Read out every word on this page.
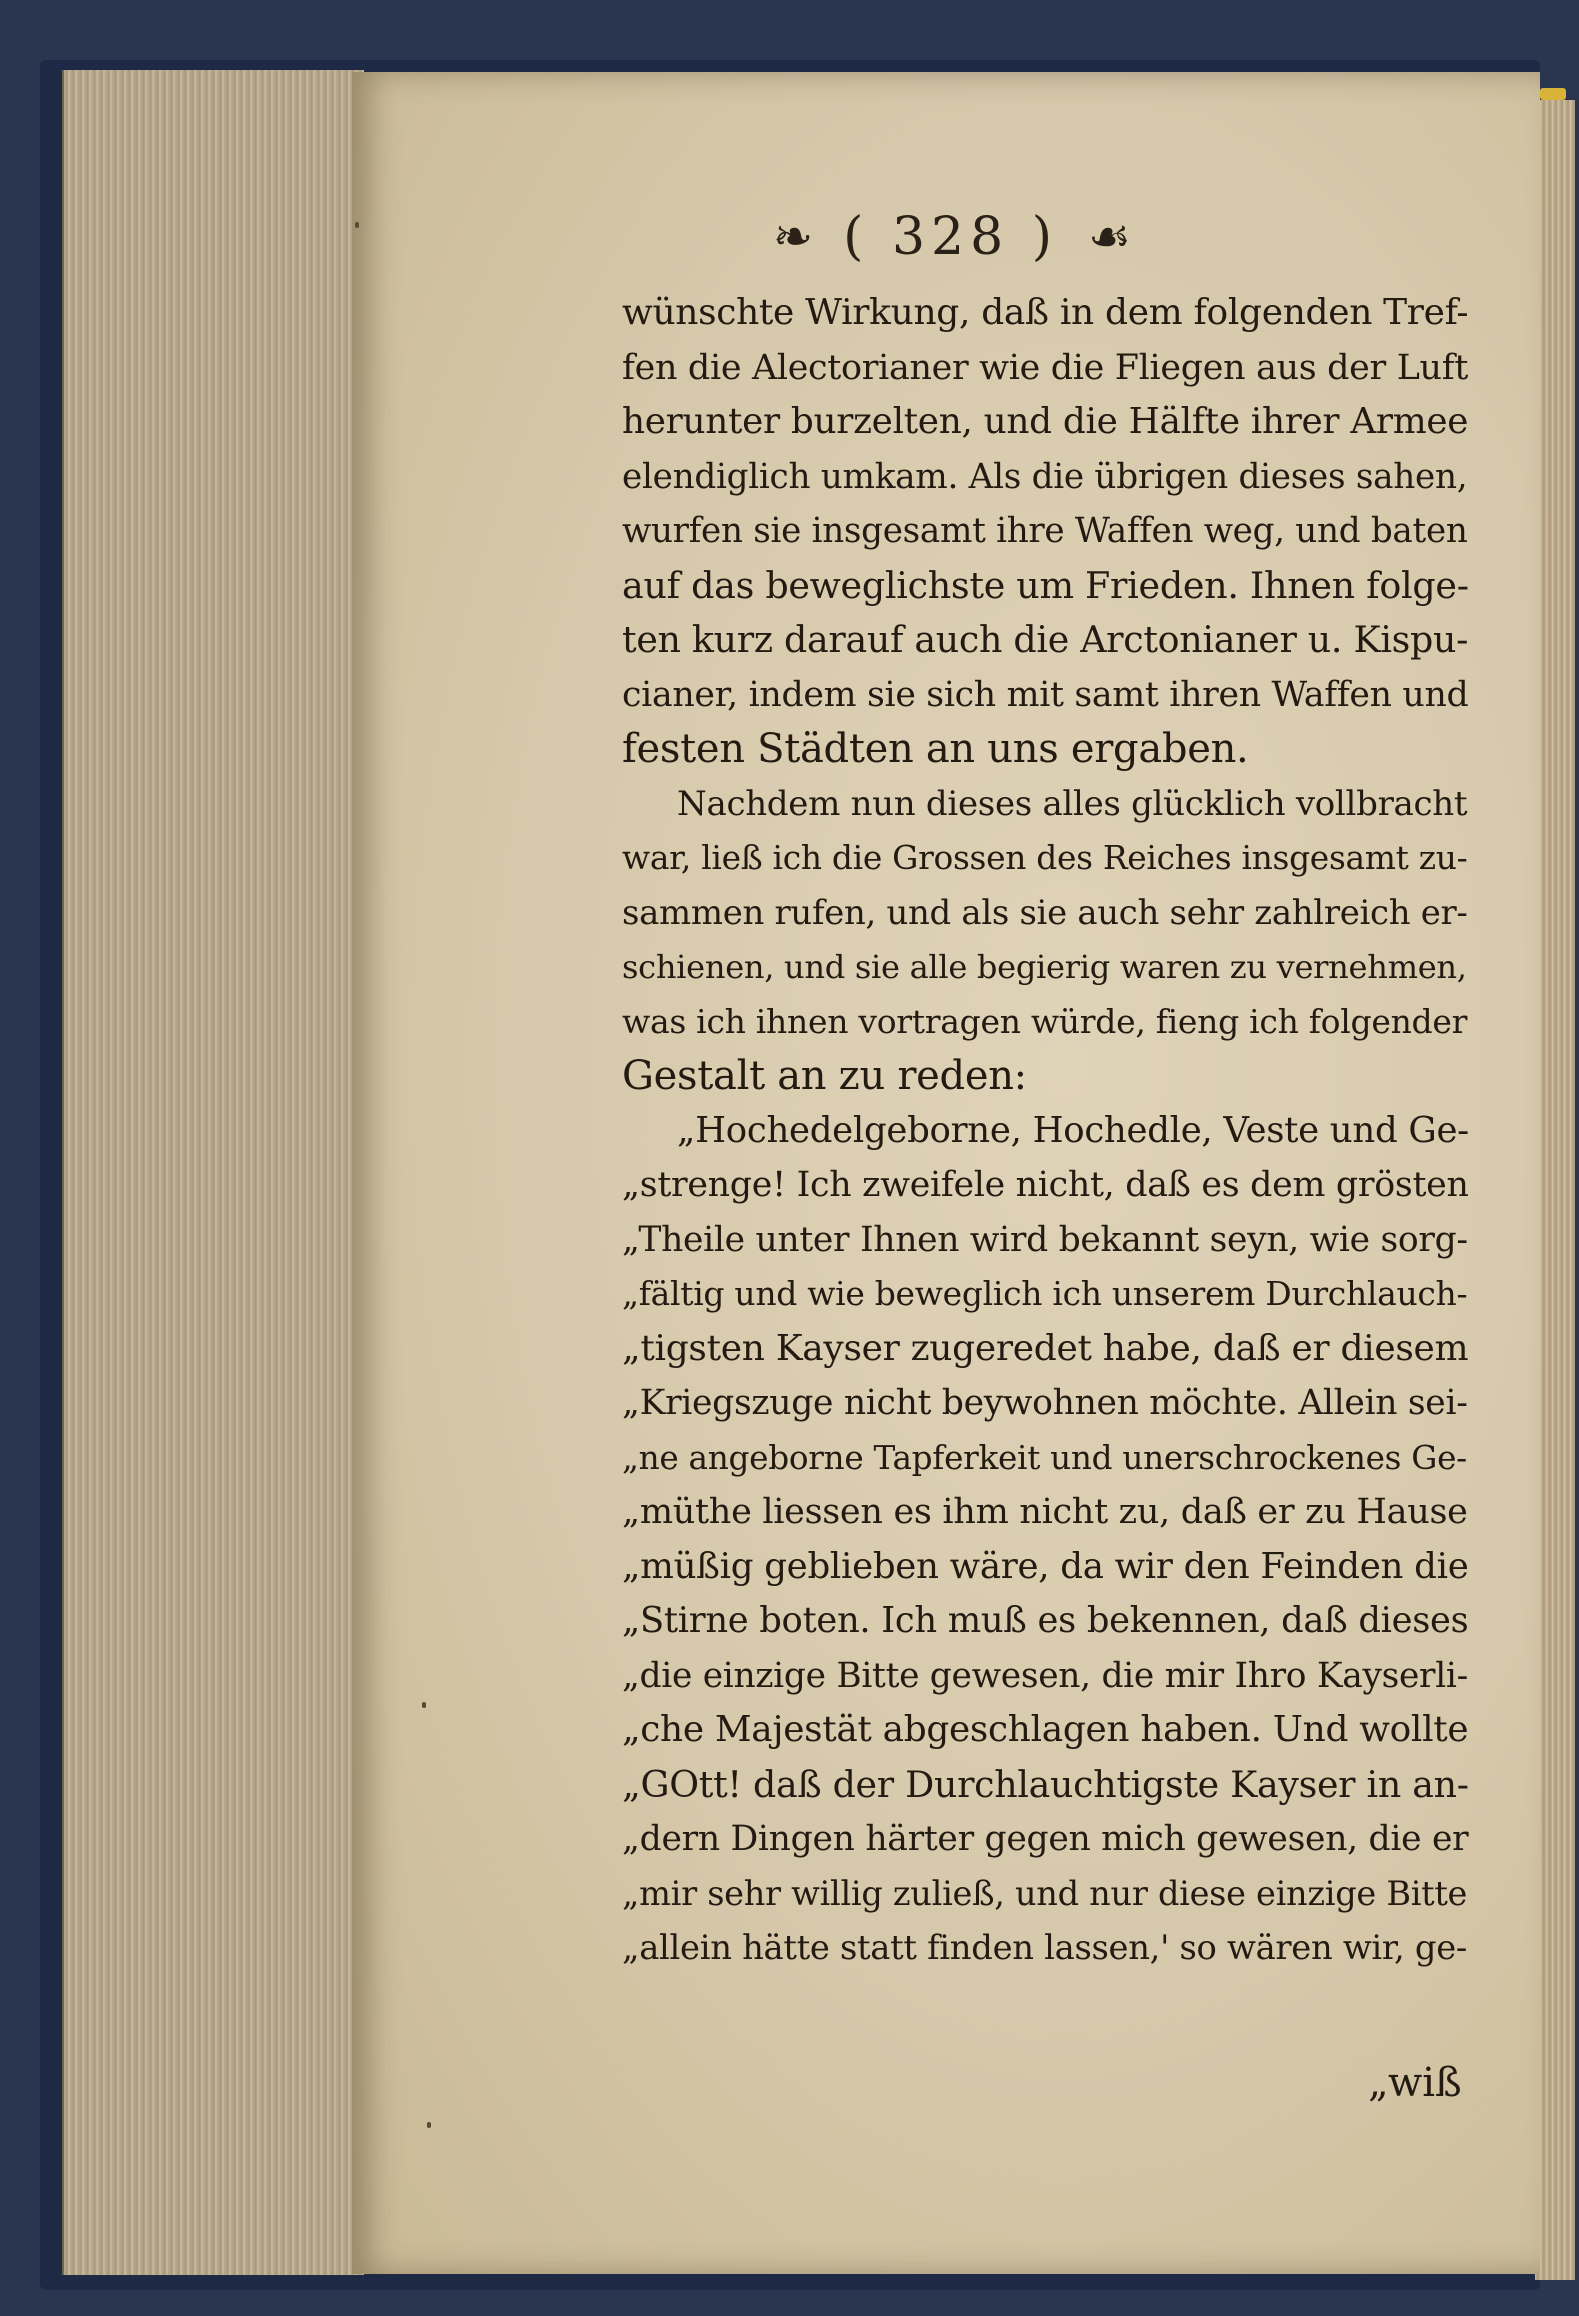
❧ ( 328 ) ☙
wünschte Wirkung, daß in dem folgenden Tref-
fen die Alectorianer wie die Fliegen aus der Luft
herunter burzelten, und die Hälfte ihrer Armee
elendiglich umkam. Als die übrigen dieses sahen,
wurfen sie insgesamt ihre Waffen weg, und baten
auf das beweglichste um Frieden. Ihnen folge-
ten kurz darauf auch die Arctonianer u. Kispu-
cianer, indem sie sich mit samt ihren Waffen und
festen Städten an uns ergaben.
Nachdem nun dieses alles glücklich vollbracht
war, ließ ich die Grossen des Reiches insgesamt zu-
sammen rufen, und als sie auch sehr zahlreich er-
schienen, und sie alle begierig waren zu vernehmen,
was ich ihnen vortragen würde, fieng ich folgender
Gestalt an zu reden:
„Hochedelgeborne, Hochedle, Veste und Ge-
„strenge! Ich zweifele nicht, daß es dem grösten
„Theile unter Ihnen wird bekannt seyn, wie sorg-
„fältig und wie beweglich ich unserem Durchlauch-
„tigsten Kayser zugeredet habe, daß er diesem
„Kriegszuge nicht beywohnen möchte. Allein sei-
„ne angeborne Tapferkeit und unerschrockenes Ge-
„müthe liessen es ihm nicht zu, daß er zu Hause
„müßig geblieben wäre, da wir den Feinden die
„Stirne boten. Ich muß es bekennen, daß dieses
„die einzige Bitte gewesen, die mir Ihro Kayserli-
„che Majestät abgeschlagen haben. Und wollte
„GOtt! daß der Durchlauchtigste Kayser in an-
„dern Dingen härter gegen mich gewesen, die er
„mir sehr willig zuließ, und nur diese einzige Bitte
„allein hätte statt finden lassen,' so wären wir, ge-
„wiß
